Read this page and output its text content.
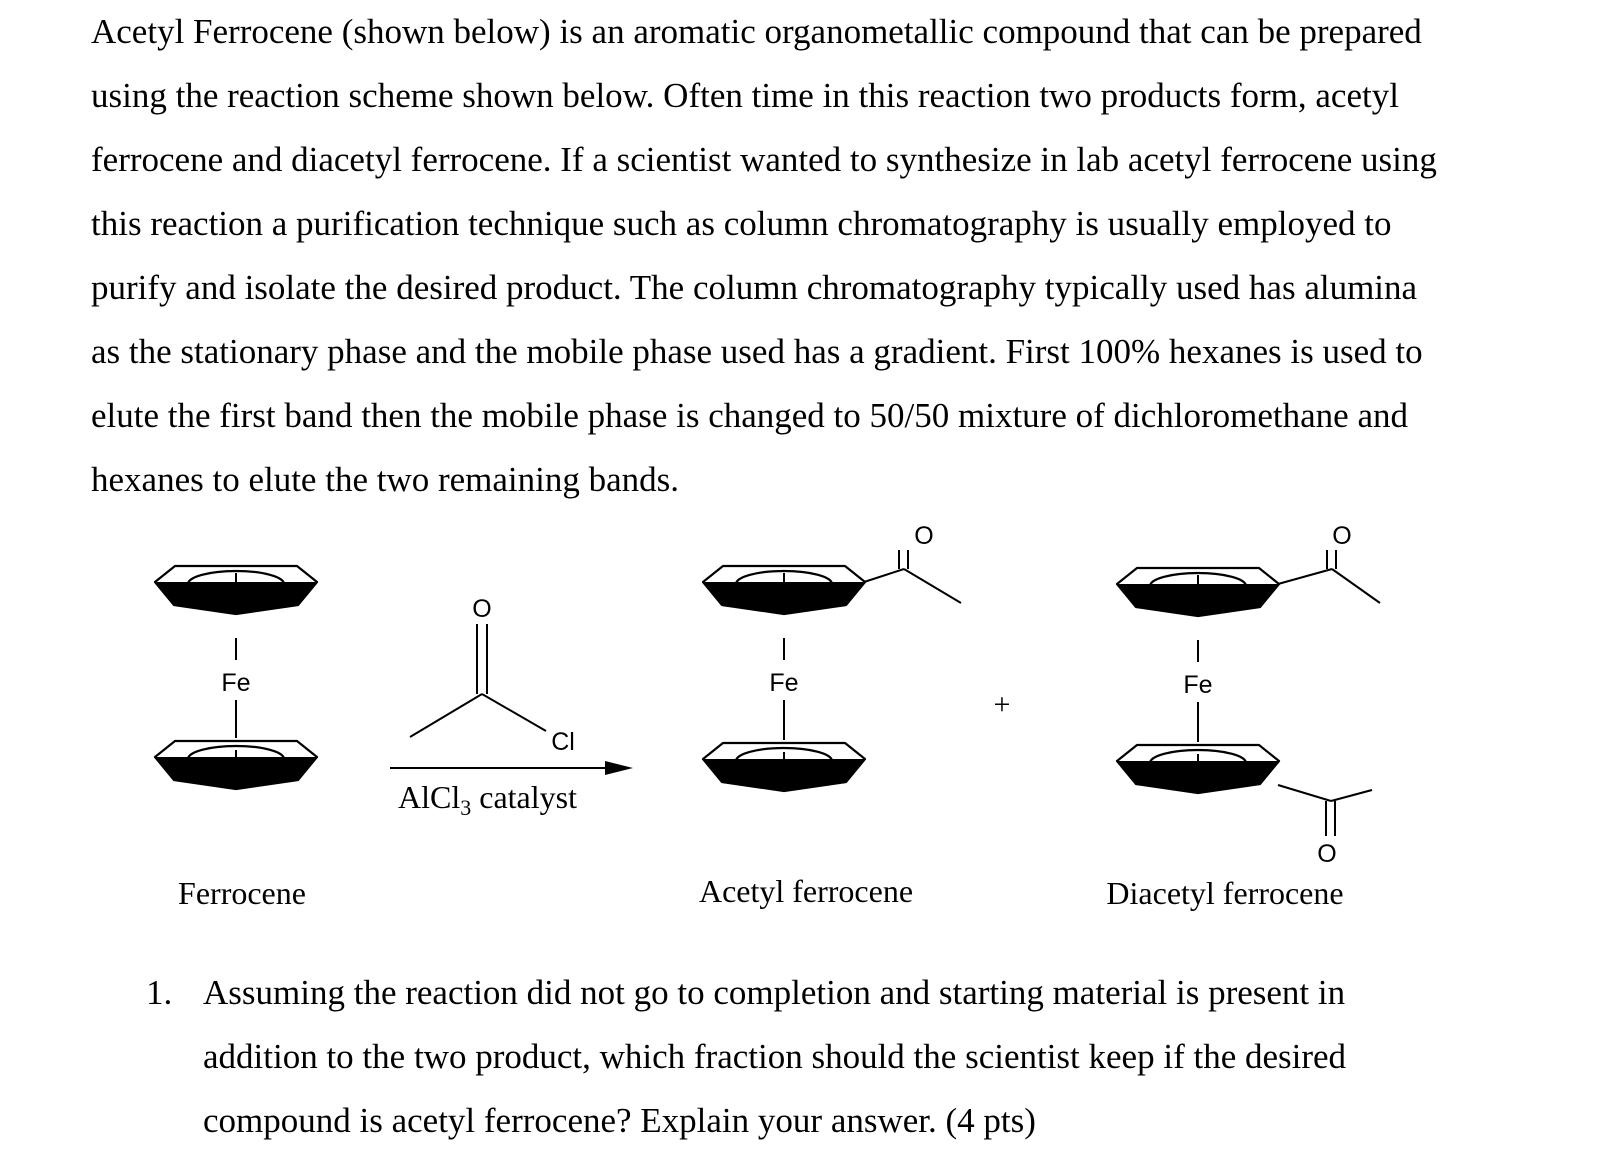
Acetyl Ferrocene (shown below) is an aromatic organometallic compound that can be prepared
using the reaction scheme shown below. Often time in this reaction two products form, acetyl
ferrocene and diacetyl ferrocene. If a scientist wanted to synthesize in lab acetyl ferrocene using
this reaction a purification technique such as column chromatography is usually employed to
purify and isolate the desired product. The column chromatography typically used has alumina
as the stationary phase and the mobile phase used has a gradient. First 100% hexanes is used to
elute the first band then the mobile phase is changed to 50/50 mixture of dichloromethane and
hexanes to elute the two remaining bands.
Fe
O
Cl
AlCl$_3$ catalyst
O
Fe
+
O
Fe
O
Ferrocene	Acetyl ferrocene	Diacetyl ferrocene
1. Assuming the reaction did not go to completion and starting material is present in
addition to the two product, which fraction should the scientist keep if the desired
compound is acetyl ferrocene? Explain your answer. (4 pts)
